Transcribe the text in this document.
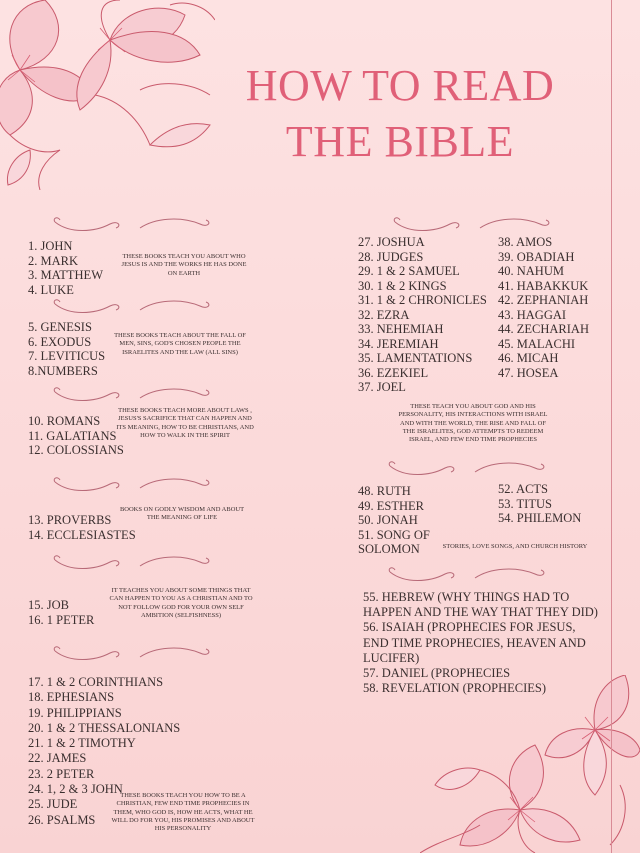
HOW TO READ
THE BIBLE
1. JOHN
2. MARK
3. MATTHEW
4. LUKE
THESE BOOKS TEACH YOU ABOUT WHO JESUS IS AND THE WORKS HE HAS DONE ON EARTH
5. GENESIS
6. EXODUS
7. LEVITICUS
8.NUMBERS
THESE BOOKS TEACH ABOUT THE FALL OF MEN, SINS, GOD'S CHOSEN PEOPLE THE ISRAELITES AND THE LAW (ALL SINS)
10. ROMANS
11. GALATIANS
12. COLOSSIANS
THESE BOOKS TEACH MORE ABOUT LAWS , JESUS'S SACRIFICE THAT CAN HAPPEN AND ITS MEANING, HOW TO BE CHRISTIANS, AND HOW TO WALK IN THE SPIRIT
13. PROVERBS
14. ECCLESIASTES
BOOKS ON GODLY WISDOM AND ABOUT THE MEANING OF LIFE
15. JOB
16. 1 PETER
IT TEACHES YOU ABOUT SOME THINGS THAT CAN HAPPEN TO YOU AS A CHRISTIAN AND TO NOT FOLLOW GOD FOR YOUR OWN SELF AMBITION (SELFISHNESS)
17. 1 & 2 CORINTHIANS
18. EPHESIANS
19. PHILIPPIANS
20. 1 & 2 THESSALONIANS
21. 1 & 2 TIMOTHY
22. JAMES
23. 2 PETER
24. 1, 2 & 3 JOHN
25. JUDE
26. PSALMS
THESE BOOKS TEACH YOU HOW TO BE A CHRISTIAN, FEW END TIME PROPHECIES IN THEM, WHO GOD IS, HOW HE ACTS, WHAT HE WILL DO FOR YOU, HIS PROMISES AND ABOUT HIS PERSONALITY
27. JOSHUA
28. JUDGES
29. 1 & 2 SAMUEL
30. 1 & 2 KINGS
31. 1 & 2 CHRONICLES
32. EZRA
33. NEHEMIAH
34. JEREMIAH
35. LAMENTATIONS
36. EZEKIEL
37. JOEL
38. AMOS
39. OBADIAH
40. NAHUM
41. HABAKKUK
42. ZEPHANIAH
43. HAGGAI
44. ZECHARIAH
45. MALACHI
46. MICAH
47. HOSEA
THESE TEACH YOU ABOUT GOD AND HIS PERSONALITY, HIS INTERACTIONS WITH ISRAEL AND WITH THE WORLD, THE RISE AND FALL OF THE ISRAELITES, GOD ATTEMPTS TO REDEEM ISRAEL, AND FEW END TIME PROPHECIES
48. RUTH
49. ESTHER
50. JONAH
51. SONG OF
SOLOMON
52. ACTS
53. TITUS
54. PHILEMON
STORIES, LOVE SONGS, AND CHURCH HISTORY
55. HEBREW (WHY THINGS HAD TO
HAPPEN AND THE WAY THAT THEY DID)
56. ISAIAH (PROPHECIES FOR JESUS,
END TIME PROPHECIES, HEAVEN AND
LUCIFER)
57. DANIEL (PROPHECIES
58. REVELATION (PROPHECIES)
